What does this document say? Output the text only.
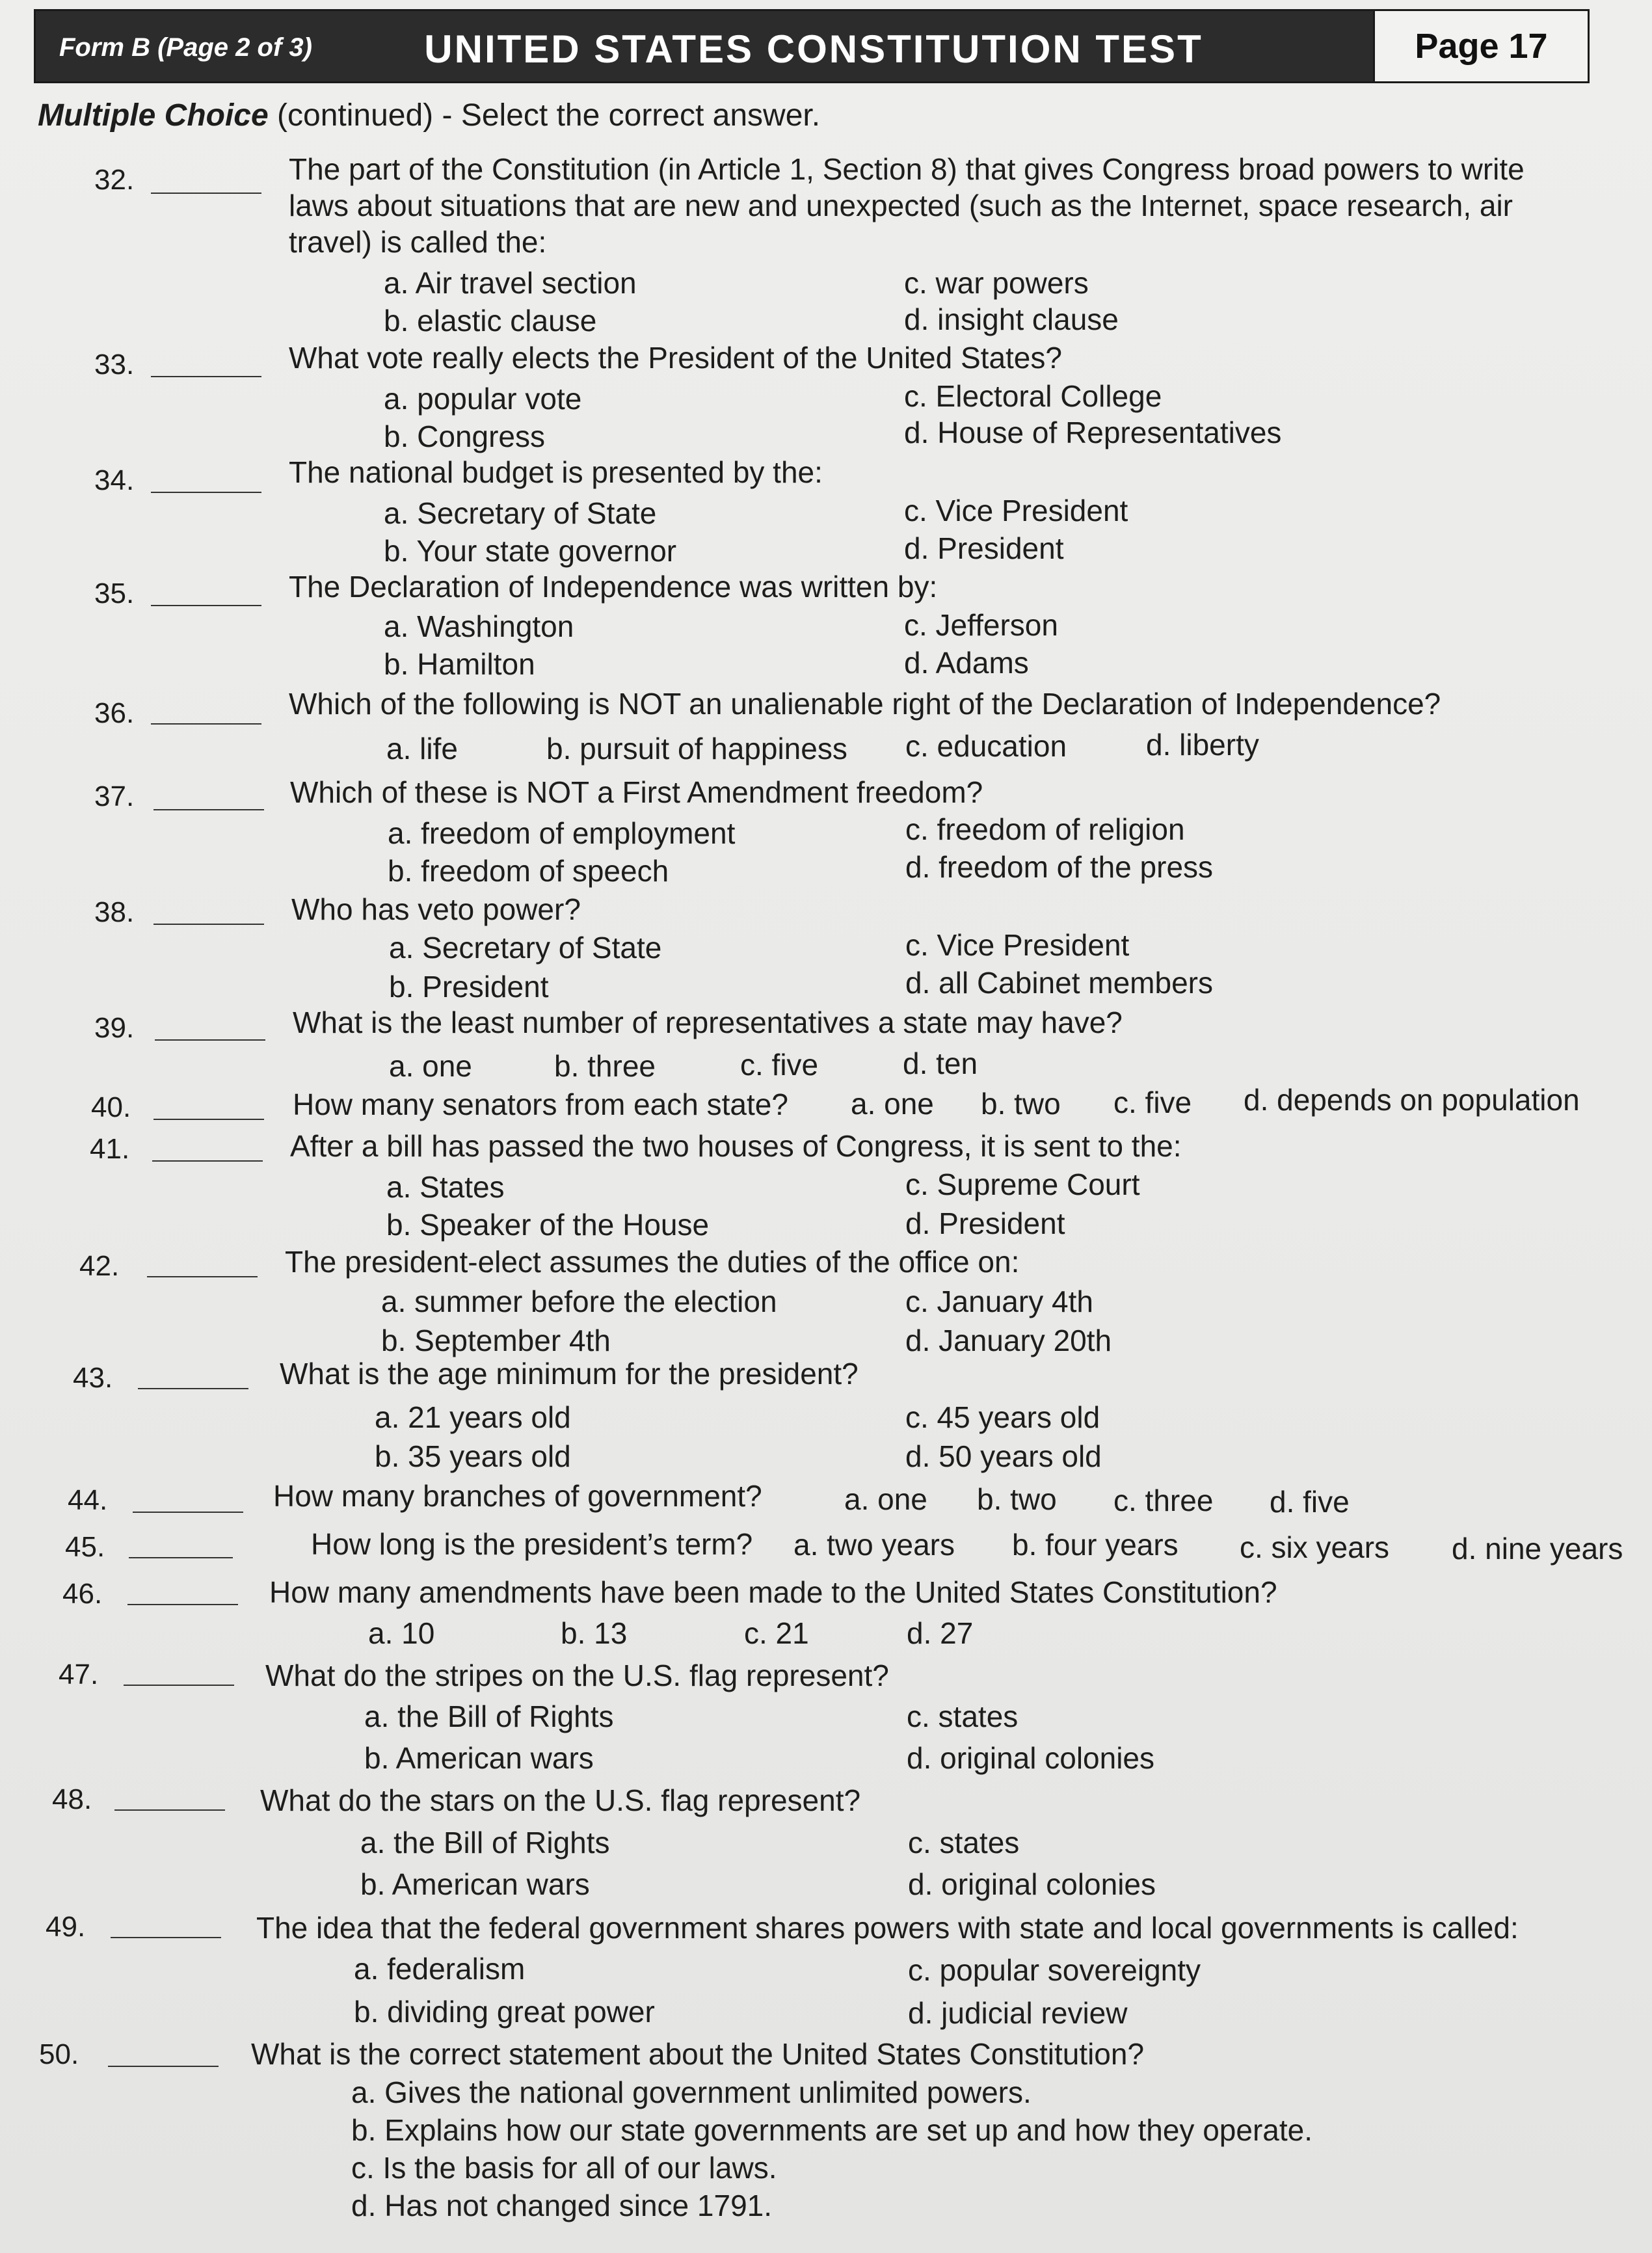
Form B (Page 2 of 3)	UNITED STATES CONSTITUTION TEST	Page 17
Multiple Choice (continued) - Select the correct answer.
32.	The part of the Constitution (in Article 1, Section 8) that gives Congress broad powers to write laws about situations that are new and unexpected (such as the Internet, space research, air travel) is called the:
a. Air travel section	c. war powers
b. elastic clause	d. insight clause
33.	What vote really elects the President of the United States?
a. popular vote	c. Electoral College
b. Congress	d. House of Representatives
34.	The national budget is presented by the:
a. Secretary of State	c. Vice President
b. Your state governor	d. President
35.	The Declaration of Independence was written by:
a. Washington	c. Jefferson
b. Hamilton	d. Adams
36.	Which of the following is NOT an unalienable right of the Declaration of Independence?
a. life	b. pursuit of happiness c. education	d. liberty
37.	Which of these is NOT a First Amendment freedom?
a. freedom of employment	c. freedom of religion
b. freedom of speech	d. freedom of the press
38.	Who has veto power?
a. Secretary of State	c. Vice President
b. President	d. all Cabinet members
39.	What is the least number of representatives a state may have?
a. one	b. three	c. five	d. ten
40.	How many senators from each state? a. one b. two c. five d. depends on population
41.	After a bill has passed the two houses of Congress, it is sent to the:
a. States	c. Supreme Court
b. Speaker of the House	d. President
42.	The president-elect assumes the duties of the office on:
a. summer before the election	c. January 4th
b. September 4th	d. January 20th
43.	What is the age minimum for the president?
a. 21 years old	c. 45 years old
b. 35 years old	d. 50 years old
44.	How many branches of government?	a. one b. two c. three d. five
45.	How long is the president’s term? a. two years b. four years c. six years d. nine years
46.	How many amendments have been made to the United States Constitution?
a. 10	b. 13	c. 21	d. 27
47.	What do the stripes on the U.S. flag represent?
a. the Bill of Rights	c. states
b. American wars	d. original colonies
48.	What do the stars on the U.S. flag represent?
a. the Bill of Rights	c. states
b. American wars	d. original colonies
49.	The idea that the federal government shares powers with state and local governments is called:
a. federalism	c. popular sovereignty
b. dividing great power	d. judicial review
50.	What is the correct statement about the United States Constitution?
a. Gives the national government unlimited powers.
b. Explains how our state governments are set up and how they operate.
c. Is the basis for all of our laws.
d. Has not changed since 1791.
